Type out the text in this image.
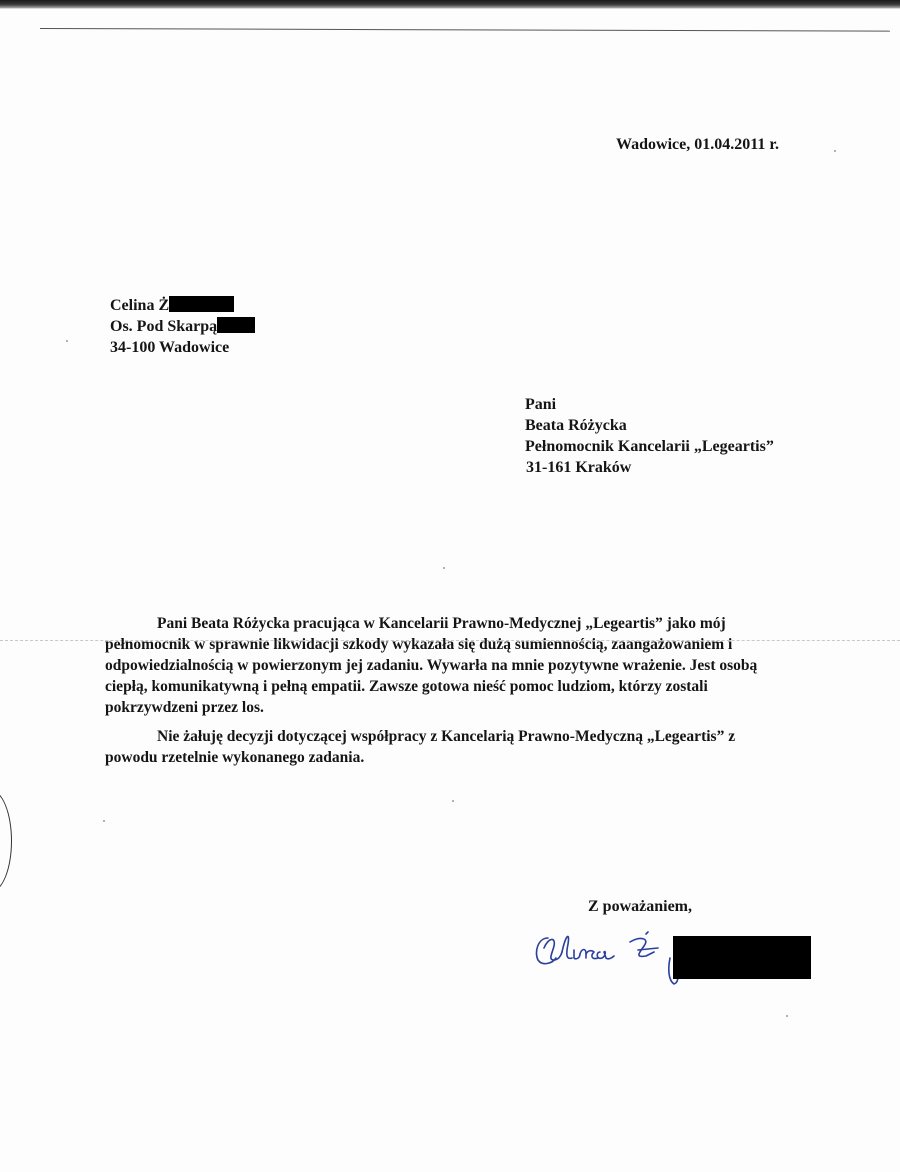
Wadowice, 01.04.2011 r.
Celina Ż
Os. Pod Skarpą
34-100 Wadowice
Pani
Beata Różycka
Pełnomocnik Kancelarii „Legeartis”
31-161 Kraków
Pani Beata Różycka pracująca w Kancelarii Prawno-Medycznej „Legeartis” jako mój
pełnomocnik w sprawnie likwidacji szkody wykazała się dużą sumiennością, zaangażowaniem i
odpowiedzialnością w powierzonym jej zadaniu. Wywarła na mnie pozytywne wrażenie. Jest osobą
ciepłą, komunikatywną i pełną empatii. Zawsze gotowa nieść pomoc ludziom, którzy zostali
pokrzywdzeni przez los.
Nie żałuję decyzji dotyczącej współpracy z Kancelarią Prawno-Medyczną „Legeartis” z
powodu rzetelnie wykonanego zadania.
Z poważaniem,
